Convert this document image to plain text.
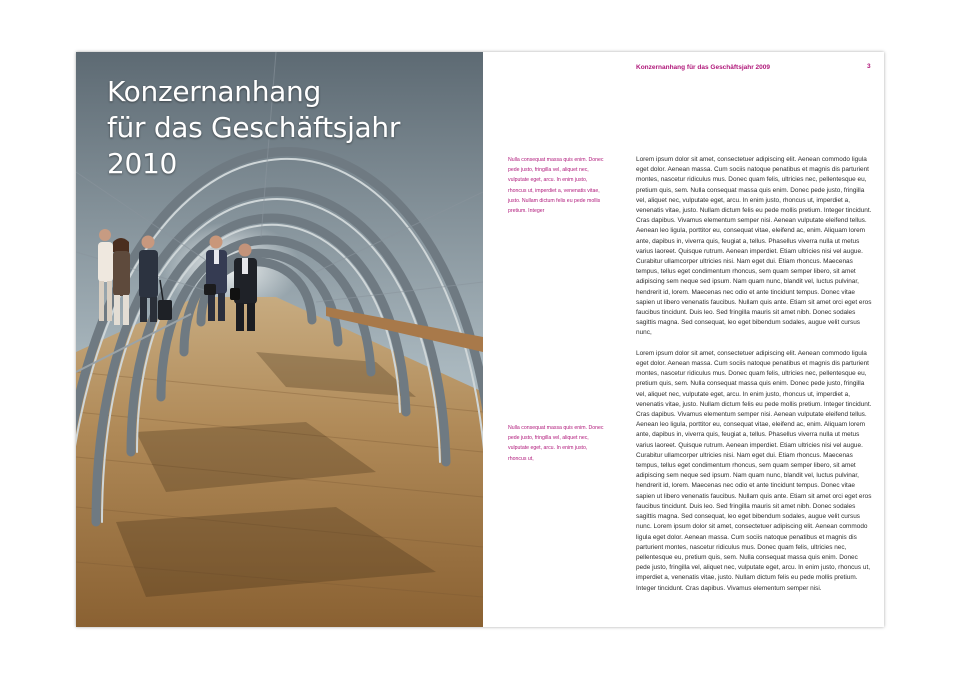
Konzernanhang
für das Geschäftsjahr
2010
Konzernanhang für das Geschäftsjahr 2009	3
Nulla consequat massa quis enim. Donec pede justo, fringilla vel, aliquet nec, vulputate eget, arcu. In enim justo, rhoncus ut, imperdiet a, venenatis vitae, justo. Nullam dictum felis eu pede mollis pretium. Integer
Nulla consequat massa quis enim. Donec pede justo, fringilla vel, aliquet nec, vulputate eget, arcu. In enim justo, rhoncus ut,

Lorem ipsum dolor sit amet, consectetuer adipiscing elit. Aenean commodo ligula eget dolor. Aenean massa. Cum sociis natoque penatibus et magnis dis parturient montes, nascetur ridiculus mus. Donec quam felis, ultricies nec, pellentesque eu, pretium quis, sem. Nulla consequat massa quis enim. Donec pede justo, fringilla vel, aliquet nec, vulputate eget, arcu. In enim justo, rhoncus ut, imperdiet a, venenatis vitae, justo. Nullam dictum felis eu pede mollis pretium. Integer tincidunt. Cras dapibus. Vivamus elementum semper nisi. Aenean vulputate eleifend tellus. Aenean leo ligula, porttitor eu, consequat vitae, eleifend ac, enim. Aliquam lorem ante, dapibus in, viverra quis, feugiat a, tellus. Phasellus viverra nulla ut metus varius laoreet. Quisque rutrum. Aenean imperdiet. Etiam ultricies nisi vel augue. Curabitur ullamcorper ultricies nisi. Nam eget dui. Etiam rhoncus. Maecenas tempus, tellus eget condimentum rhoncus, sem quam semper libero, sit amet adipiscing sem neque sed ipsum. Nam quam nunc, blandit vel, luctus pulvinar, hendrerit id, lorem. Maecenas nec odio et ante tincidunt tempus. Donec vitae sapien ut libero venenatis faucibus. Nullam quis ante. Etiam sit amet orci eget eros faucibus tincidunt. Duis leo. Sed fringilla mauris sit amet nibh. Donec sodales sagittis magna. Sed consequat, leo eget bibendum sodales, augue velit cursus nunc,

Lorem ipsum dolor sit amet, consectetuer adipiscing elit. Aenean commodo ligula eget dolor. Aenean massa. Cum sociis natoque penatibus et magnis dis parturient montes, nascetur ridiculus mus. Donec quam felis, ultricies nec, pellentesque eu, pretium quis, sem. Nulla consequat massa quis enim. Donec pede justo, fringilla vel, aliquet nec, vulputate eget, arcu. In enim justo, rhoncus ut, imperdiet a, venenatis vitae, justo. Nullam dictum felis eu pede mollis pretium. Integer tincidunt. Cras dapibus. Vivamus elementum semper nisi. Aenean vulputate eleifend tellus. Aenean leo ligula, porttitor eu, consequat vitae, eleifend ac, enim. Aliquam lorem ante, dapibus in, viverra quis, feugiat a, tellus. Phasellus viverra nulla ut metus varius laoreet. Quisque rutrum. Aenean imperdiet. Etiam ultricies nisi vel augue. Curabitur ullamcorper ultricies nisi. Nam eget dui. Etiam rhoncus. Maecenas tempus, tellus eget condimentum rhoncus, sem quam semper libero, sit amet adipiscing sem neque sed ipsum. Nam quam nunc, blandit vel, luctus pulvinar, hendrerit id, lorem. Maecenas nec odio et ante tincidunt tempus. Donec vitae sapien ut libero venenatis faucibus. Nullam quis ante. Etiam sit amet orci eget eros faucibus tincidunt. Duis leo. Sed fringilla mauris sit amet nibh. Donec sodales sagittis magna. Sed consequat, leo eget bibendum sodales, augue velit cursus nunc. Lorem ipsum dolor sit amet, consectetuer adipiscing elit. Aenean commodo ligula eget dolor. Aenean massa. Cum sociis natoque penatibus et magnis dis parturient montes, nascetur ridiculus mus. Donec quam felis, ultricies nec, pellentesque eu, pretium quis, sem. Nulla consequat massa quis enim. Donec pede justo, fringilla vel, aliquet nec, vulputate eget, arcu. In enim justo, rhoncus ut, imperdiet a, venenatis vitae, justo. Nullam dictum felis eu pede mollis pretium. Integer tincidunt. Cras dapibus. Vivamus elementum semper nisi.
